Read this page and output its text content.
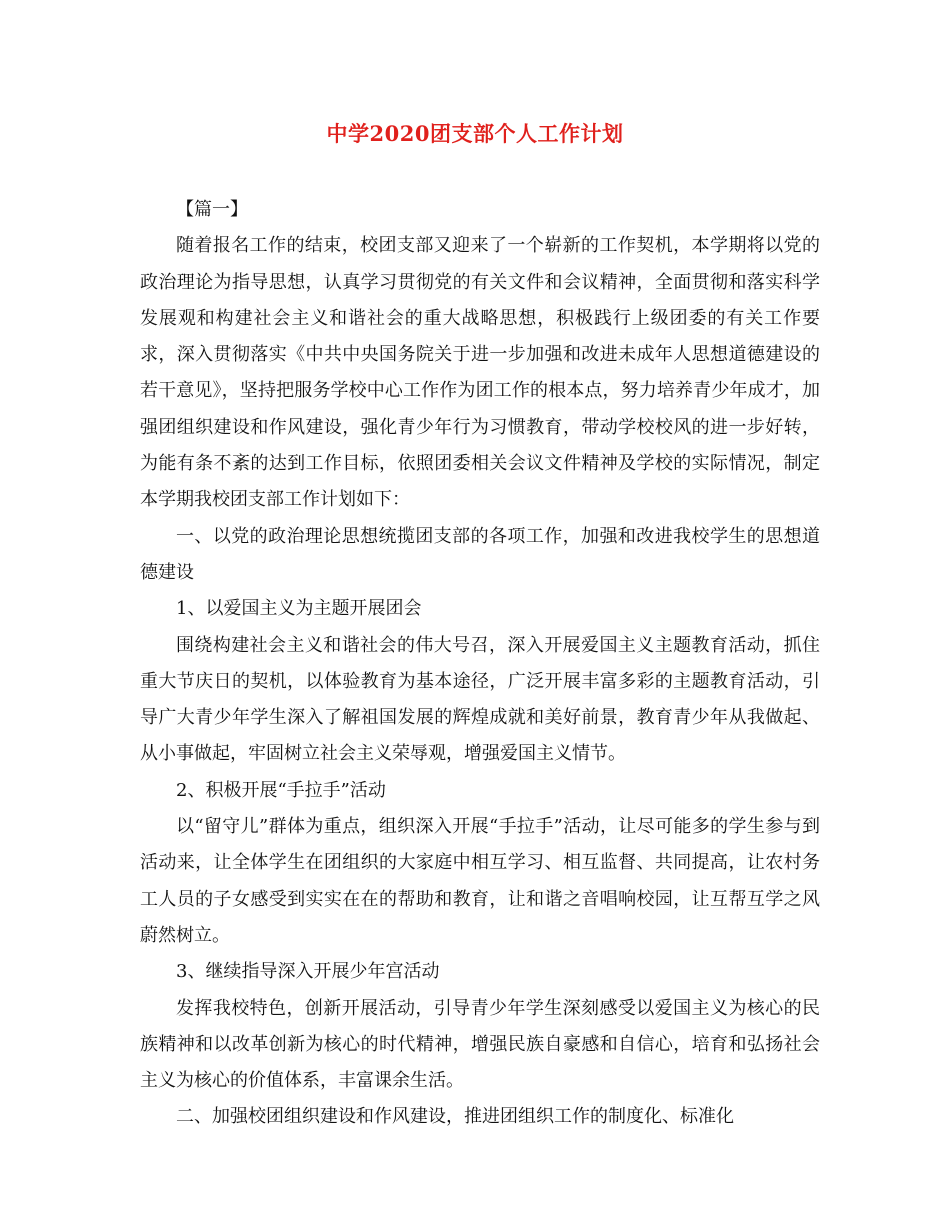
中学2020团支部个人工作计划

【篇一】

随着报名工作的结束，校团支部又迎来了一个崭新的工作契机，本学期将以党的政治理论为指导思想，认真学习贯彻党的有关文件和会议精神，全面贯彻和落实科学发展观和构建社会主义和谐社会的重大战略思想，积极践行上级团委的有关工作要求，深入贯彻落实《中共中央国务院关于进一步加强和改进未成年人思想道德建设的若干意见》，坚持把服务学校中心工作作为团工作的根本点，努力培养青少年成才，加强团组织建设和作风建设，强化青少年行为习惯教育，带动学校校风的进一步好转，为能有条不紊的达到工作目标，依照团委相关会议文件精神及学校的实际情况，制定本学期我校团支部工作计划如下：

一、以党的政治理论思想统揽团支部的各项工作，加强和改进我校学生的思想道德建设

1、以爱国主义为主题开展团会

围绕构建社会主义和谐社会的伟大号召，深入开展爱国主义主题教育活动，抓住重大节庆日的契机，以体验教育为基本途径，广泛开展丰富多彩的主题教育活动，引导广大青少年学生深入了解祖国发展的辉煌成就和美好前景，教育青少年从我做起、从小事做起，牢固树立社会主义荣辱观，增强爱国主义情节。

2、积极开展“手拉手”活动

以“留守儿”群体为重点，组织深入开展“手拉手”活动，让尽可能多的学生参与到活动来，让全体学生在团组织的大家庭中相互学习、相互监督、共同提高，让农村务工人员的子女感受到实实在在的帮助和教育，让和谐之音唱响校园，让互帮互学之风蔚然树立。

3、继续指导深入开展少年宫活动

发挥我校特色，创新开展活动，引导青少年学生深刻感受以爱国主义为核心的民族精神和以改革创新为核心的时代精神，增强民族自豪感和自信心，培育和弘扬社会主义为核心的价值体系，丰富课余生活。

二、加强校团组织建设和作风建设，推进团组织工作的制度化、标准化
